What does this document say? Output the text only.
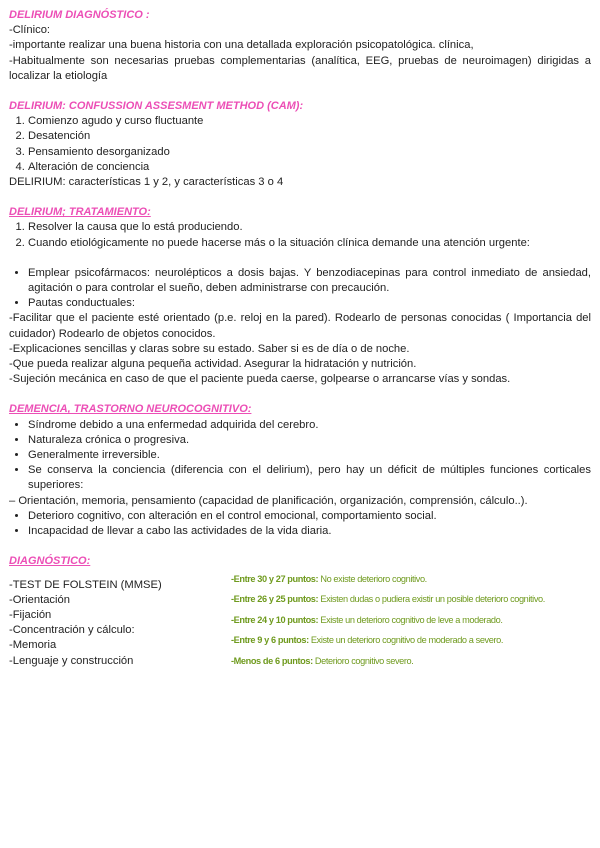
DELIRIUM DIAGNÓSTICO :

-Clínico:

-importante realizar una buena historia con una detallada exploración psicopatológica. clínica,

-Habitualmente son necesarias pruebas complementarias (analítica, EEG, pruebas de neuroimagen) dirigidas a localizar la etiología

DELIRIUM: CONFUSSION ASSESMENT METHOD (CAM):

1. Comienzo agudo y curso fluctuante
2. Desatención
3. Pensamiento desorganizado
4. Alteración de conciencia

DELIRIUM: características 1 y 2, y características 3 o 4

DELIRIUM; TRATAMIENTO:

1. Resolver la causa que lo está produciendo.
2. Cuando etiológicamente no puede hacerse más o la situación clínica demande una atención urgente:
• Emplear psicofármacos: neurolépticos a dosis bajas. Y benzodiacepinas para control inmediato de ansiedad, agitación o para controlar el sueño, deben administrarse con precaución.
• Pautas conductuales:

-Facilitar que el paciente esté orientado (p.e. reloj en la pared). Rodearlo de personas conocidas ( Importancia del cuidador) Rodearlo de objetos conocidos.

-Explicaciones sencillas y claras sobre su estado. Saber si es de día o de noche.

-Que pueda realizar alguna pequeña actividad. Asegurar la hidratación y nutrición.

-Sujeción mecánica en caso de que el paciente pueda caerse, golpearse o arrancarse vías y sondas.

DEMENCIA, TRASTORNO NEUROCOGNITIVO:

• Síndrome debido a una enfermedad adquirida del cerebro.
• Naturaleza crónica o progresiva.
• Generalmente irreversible.
• Se conserva la conciencia (diferencia con el delirium), pero hay un déficit de múltiples funciones corticales superiores:

– Orientación, memoria, pensamiento (capacidad de planificación, organización, comprensión, cálculo..).

• Deterioro cognitivo, con alteración en el control emocional, comportamiento social.
• Incapacidad de llevar a cabo las actividades de la vida diaria.

DIAGNÓSTICO:

-TEST DE FOLSTEIN (MMSE)

-Orientación

-Fijación

-Concentración y cálculo:

-Memoria

-Lenguaje y construcción

-Entre 30 y 27 puntos: No existe deterioro cognitivo.

-Entre 26 y 25 puntos: Existen dudas o pudiera existir un posible deterioro cognitivo.

-Entre 24 y 10 puntos: Existe un deterioro cognitivo de leve a moderado.

-Entre 9 y 6 puntos: Existe un deterioro cognitivo de moderado a severo.

-Menos de 6 puntos: Deterioro cognitivo severo.
